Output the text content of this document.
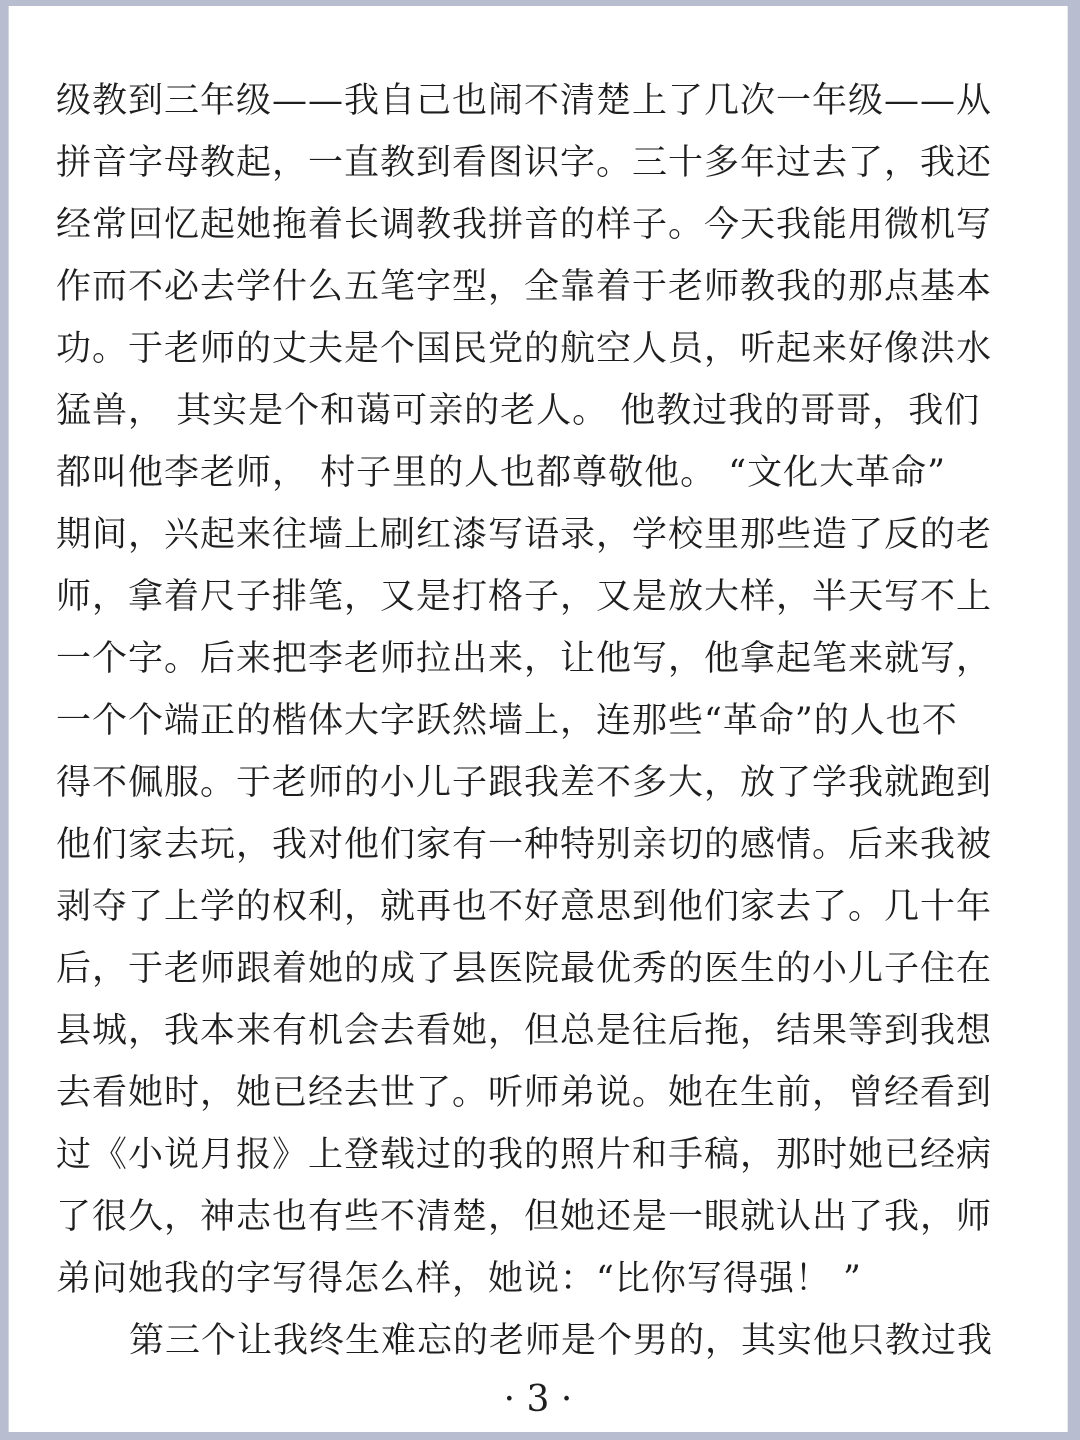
级教到三年级——我自己也闹不清楚上了几次一年级——从
拼音字母教起，一直教到看图识字。三十多年过去了，我还
经常回忆起她拖着长调教我拼音的样子。今天我能用微机写
作而不必去学什么五笔字型，全靠着于老师教我的那点基本
功。于老师的丈夫是个国民党的航空人员，听起来好像洪水
猛兽， 其实是个和蔼可亲的老人。 他教过我的哥哥，我们
都叫他李老师， 村子里的人也都尊敬他。 “文化大革命”
期间，兴起来往墙上刷红漆写语录，学校里那些造了反的老
师，拿着尺子排笔，又是打格子，又是放大样，半天写不上
一个字。后来把李老师拉出来，让他写，他拿起笔来就写，
一个个端正的楷体大字跃然墙上，连那些“革命”的人也不
得不佩服。于老师的小儿子跟我差不多大，放了学我就跑到
他们家去玩，我对他们家有一种特别亲切的感情。后来我被
剥夺了上学的权利，就再也不好意思到他们家去了。几十年
后，于老师跟着她的成了县医院最优秀的医生的小儿子住在
县城，我本来有机会去看她，但总是往后拖，结果等到我想
去看她时，她已经去世了。听师弟说。她在生前，曾经看到
过《小说月报》上登载过的我的照片和手稿，那时她已经病
了很久，神志也有些不清楚，但她还是一眼就认出了我，师
弟问她我的字写得怎么样，她说：“比你写得强！ ”
第三个让我终生难忘的老师是个男的，其实他只教过我
· 3 ·
